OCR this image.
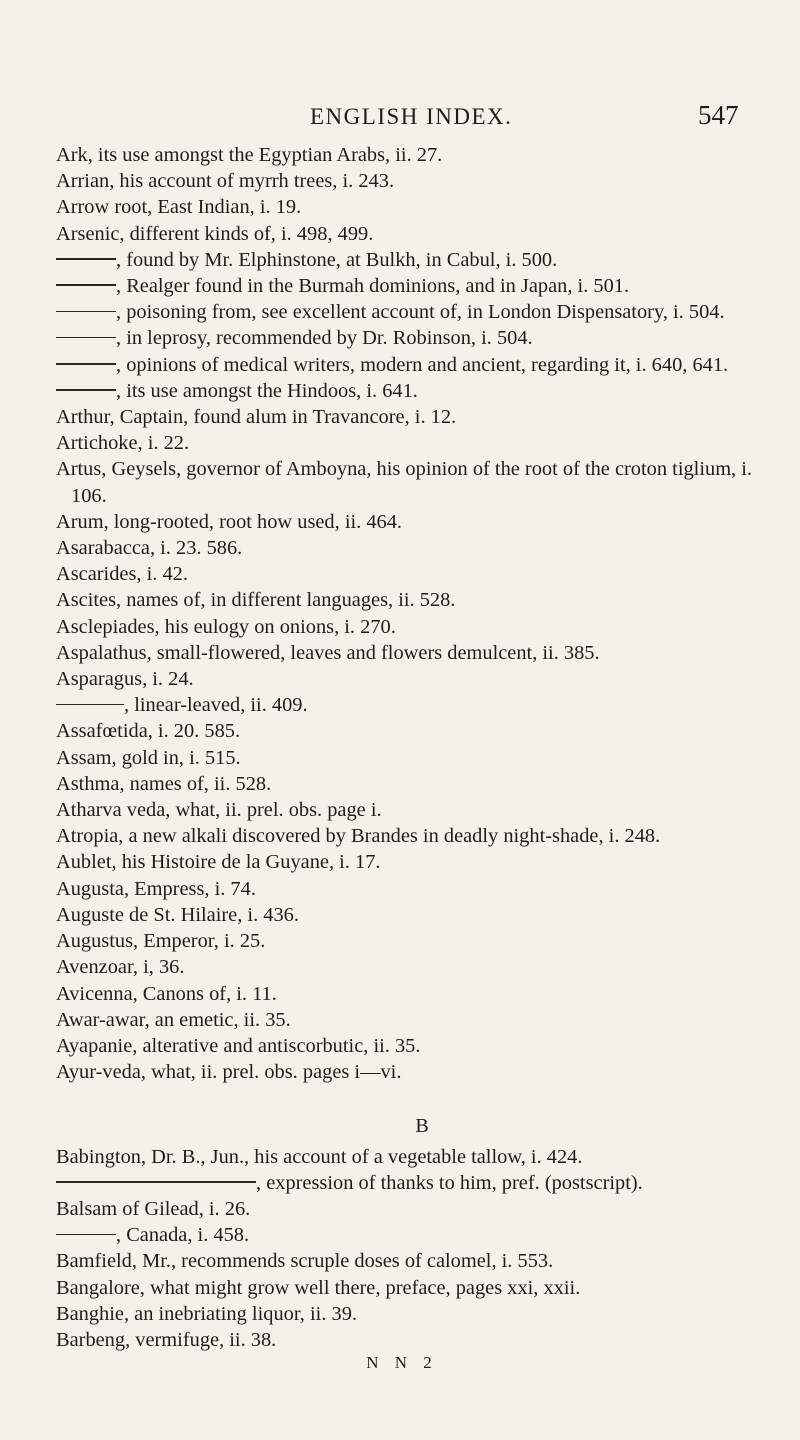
ENGLISH INDEX.	547
Ark, its use amongst the Egyptian Arabs, ii. 27.
Arrian, his account of myrrh trees, i. 243.
Arrow root, East Indian, i. 19.
Arsenic, different kinds of, i. 498, 499.
, found by Mr. Elphinstone, at Bulkh, in Cabul, i. 500.
, Realger found in the Burmah dominions, and in Japan, i. 501.
, poisoning from, see excellent account of, in London Dispensatory, i. 504.
, in leprosy, recommended by Dr. Robinson, i. 504.
, opinions of medical writers, modern and ancient, regarding it, i. 640, 641.
, its use amongst the Hindoos, i. 641.
Arthur, Captain, found alum in Travancore, i. 12.
Artichoke, i. 22.
Artus, Geysels, governor of Amboyna, his opinion of the root of the croton tiglium, i. 106.
Arum, long-rooted, root how used, ii. 464.
Asarabacca, i. 23. 586.
Ascarides, i. 42.
Ascites, names of, in different languages, ii. 528.
Asclepiades, his eulogy on onions, i. 270.
Aspalathus, small-flowered, leaves and flowers demulcent, ii. 385.
Asparagus, i. 24.
, linear-leaved, ii. 409.
Assafœtida, i. 20. 585.
Assam, gold in, i. 515.
Asthma, names of, ii. 528.
Atharva veda, what, ii. prel. obs. page i.
Atropia, a new alkali discovered by Brandes in deadly night-shade, i. 248.
Aublet, his Histoire de la Guyane, i. 17.
Augusta, Empress, i. 74.
Auguste de St. Hilaire, i. 436.
Augustus, Emperor, i. 25.
Avenzoar, i, 36.
Avicenna, Canons of, i. 11.
Awar-awar, an emetic, ii. 35.
Ayapanie, alterative and antiscorbutic, ii. 35.
Ayur-veda, what, ii. prel. obs. pages i—vi.
B
Babington, Dr. B., Jun., his account of a vegetable tallow, i. 424.
, expression of thanks to him, pref. (postscript).
Balsam of Gilead, i. 26.
, Canada, i. 458.
Bamfield, Mr., recommends scruple doses of calomel, i. 553.
Bangalore, what might grow well there, preface, pages xxi, xxii.
Banghie, an inebriating liquor, ii. 39.
Barbeng, vermifuge, ii. 38.
N N 2
